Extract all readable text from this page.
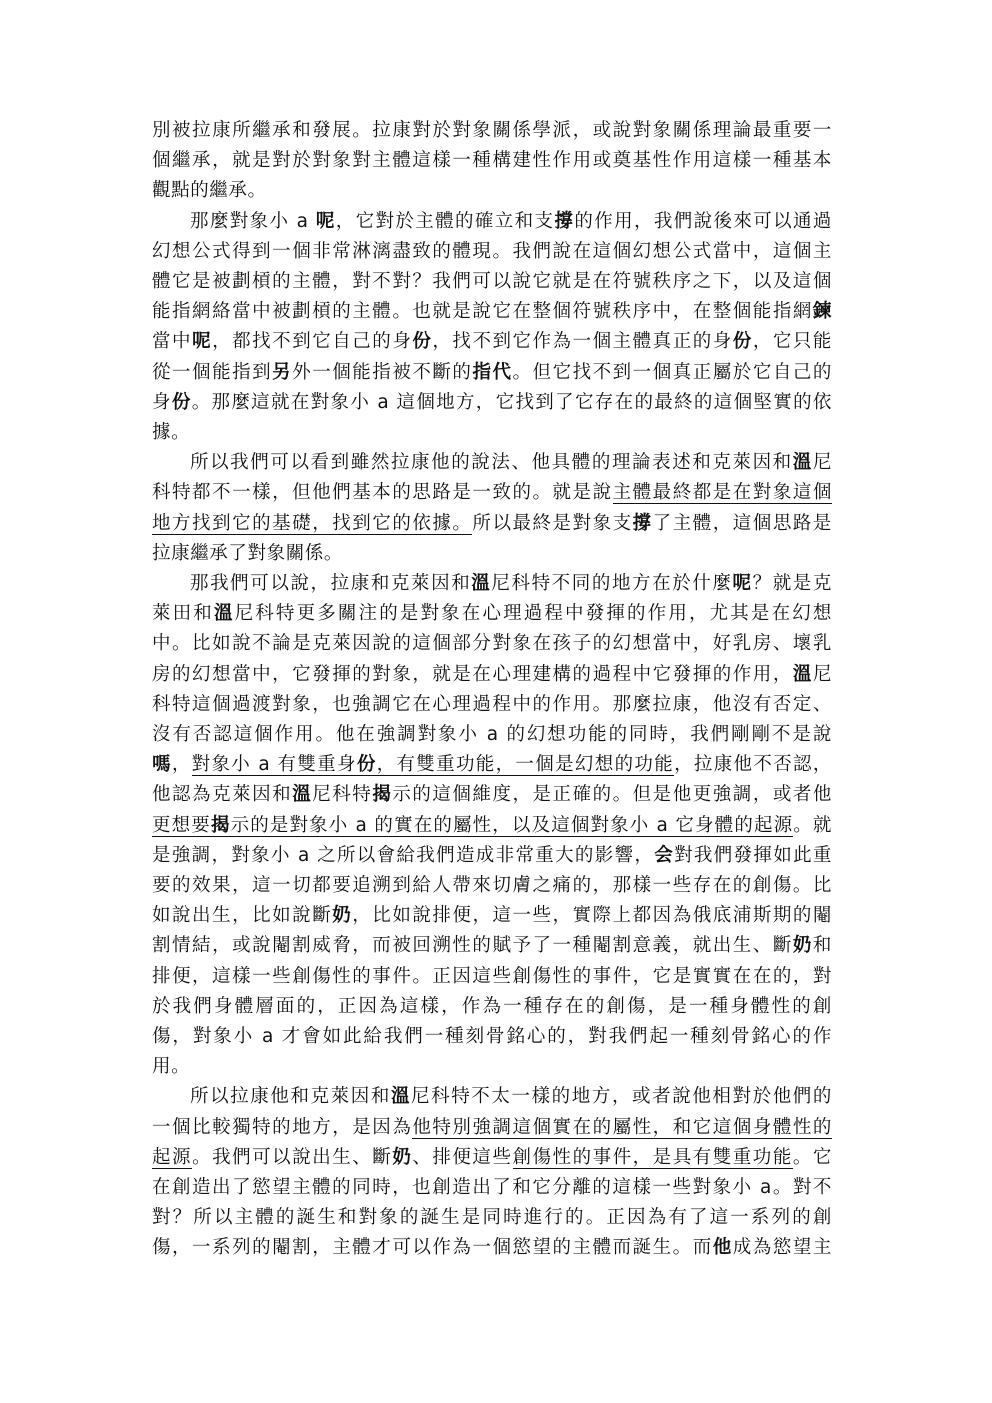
別被拉康所繼承和發展。拉康對於對象關係學派，或說對象關係理論最重要一
個繼承，就是對於對象對主體這樣一種構建性作用或奠基性作用這樣一種基本
觀點的繼承。
那麼對象小 a 呢，它對於主體的確立和支撐的作用，我們說後來可以通過
幻想公式得到一個非常淋漓盡致的體現。我們說在這個幻想公式當中，這個主
體它是被劃槓的主體，對不對？我們可以說它就是在符號秩序之下，以及這個
能指網絡當中被劃槓的主體。也就是說它在整個符號秩序中，在整個能指網鍊
當中呢，都找不到它自己的身份，找不到它作為一個主體真正的身份，它只能
從一個能指到另外一個能指被不斷的指代。但它找不到一個真正屬於它自己的
身份。那麼這就在對象小 a 這個地方，它找到了它存在的最終的這個堅實的依
據。
所以我們可以看到雖然拉康他的說法、他具體的理論表述和克萊因和溫尼
科特都不一樣，但他們基本的思路是一致的。就是說主體最終都是在對象這個
地方找到它的基礎，找到它的依據。所以最終是對象支撐了主體，這個思路是
拉康繼承了對象關係。
那我們可以說，拉康和克萊因和溫尼科特不同的地方在於什麼呢？就是克
萊田和溫尼科特更多關注的是對象在心理過程中發揮的作用，尤其是在幻想
中。比如說不論是克萊因說的這個部分對象在孩子的幻想當中，好乳房、壞乳
房的幻想當中，它發揮的對象，就是在心理建構的過程中它發揮的作用，溫尼
科特這個過渡對象，也強調它在心理過程中的作用。那麼拉康，他沒有否定、
沒有否認這個作用。他在強調對象小 a 的幻想功能的同時，我們剛剛不是說
嗎，對象小 a 有雙重身份，有雙重功能，一個是幻想的功能，拉康他不否認，
他認為克萊因和溫尼科特揭示的這個維度，是正確的。但是他更強調，或者他
更想要揭示的是對象小 a 的實在的屬性，以及這個對象小 a 它身體的起源。就
是強調，對象小 a 之所以會給我們造成非常重大的影響，会對我們發揮如此重
要的效果，這一切都要追溯到給人帶來切膚之痛的，那樣一些存在的創傷。比
如說出生，比如說斷奶，比如說排便，這一些，實際上都因為俄底浦斯期的閹
割情結，或說閹割威脅，而被回溯性的賦予了一種閹割意義，就出生、斷奶和
排便，這樣一些創傷性的事件。正因這些創傷性的事件，它是實實在在的，對
於我們身體層面的，正因為這樣，作為一種存在的創傷，是一種身體性的創
傷，對象小 a 才會如此給我們一種刻骨銘心的，對我們起一種刻骨銘心的作
用。
所以拉康他和克萊因和溫尼科特不太一樣的地方，或者說他相對於他們的
一個比較獨特的地方，是因為他特別強調這個實在的屬性，和它這個身體性的
起源。我們可以說出生、斷奶、排便這些創傷性的事件，是具有雙重功能。它
在創造出了慾望主體的同時，也創造出了和它分離的這樣一些對象小 a。對不
對？所以主體的誕生和對象的誕生是同時進行的。正因為有了這一系列的創
傷，一系列的閹割，主體才可以作為一個慾望的主體而誕生。而他成為慾望主
